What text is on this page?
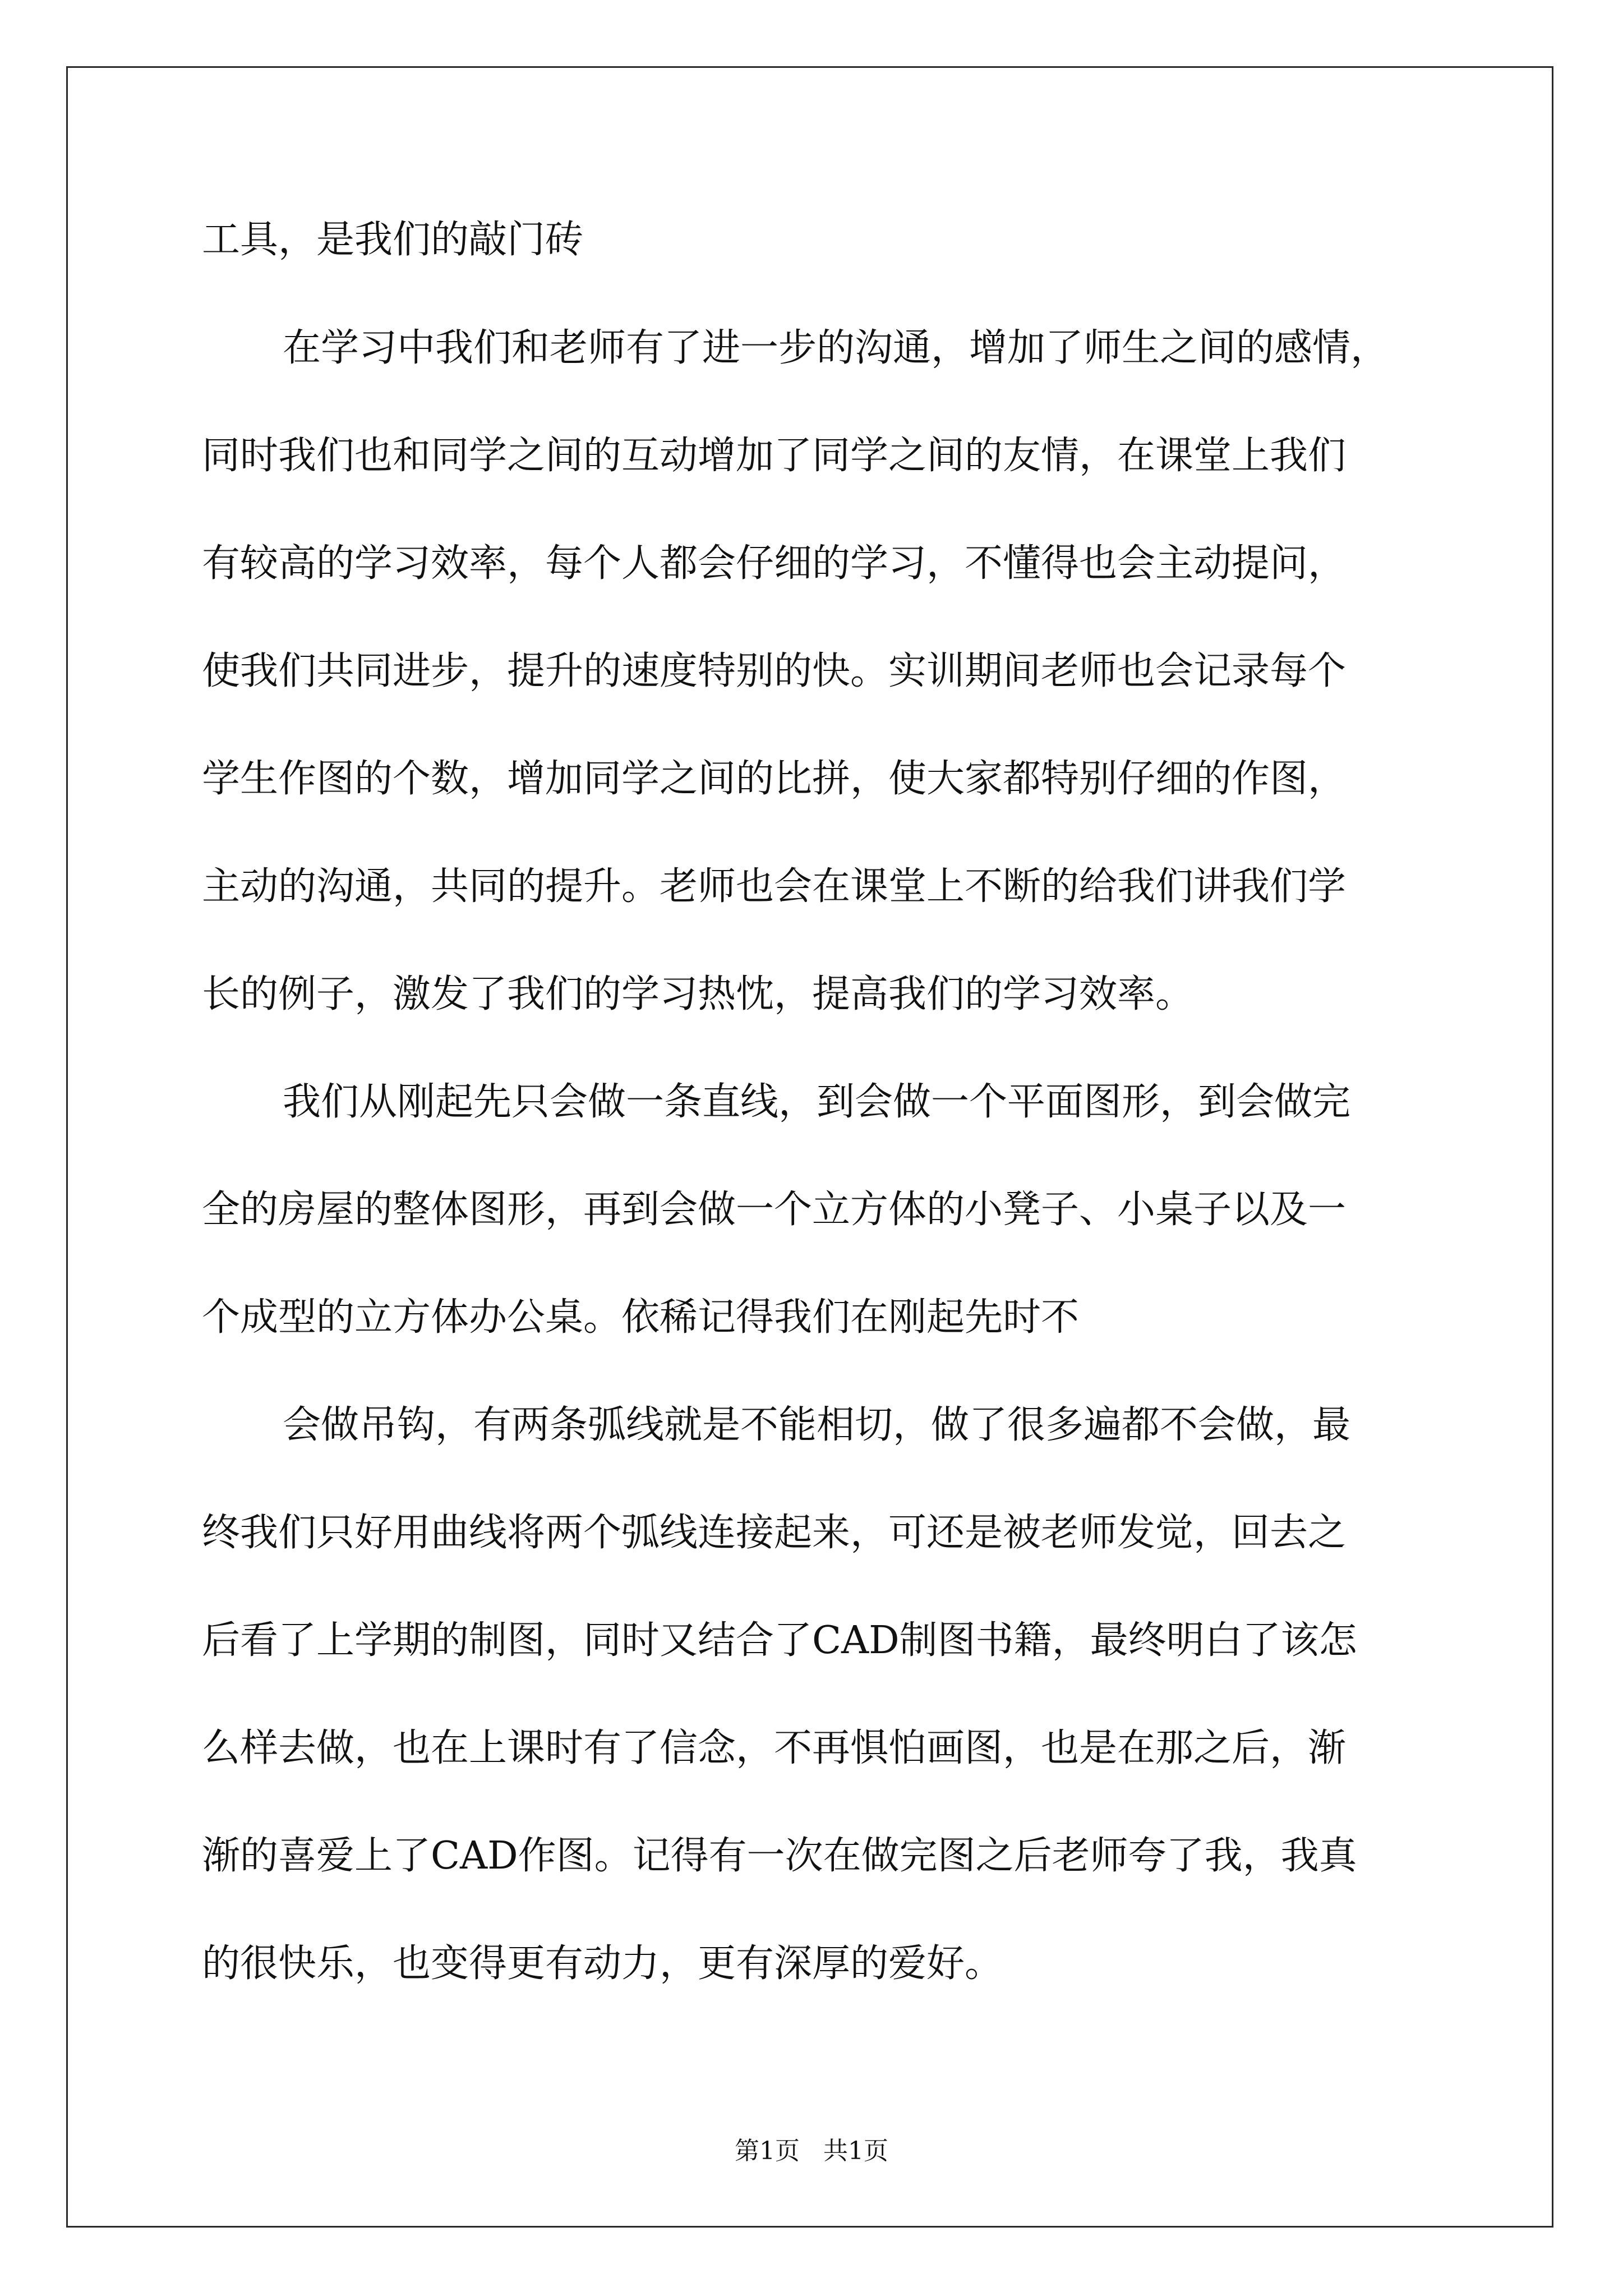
工具，是我们的敲门砖
在学习中我们和老师有了进一步的沟通，增加了师生之间的感情，
同时我们也和同学之间的互动增加了同学之间的友情，在课堂上我们
有较高的学习效率，每个人都会仔细的学习，不懂得也会主动提问，
使我们共同进步，提升的速度特别的快。实训期间老师也会记录每个
学生作图的个数，增加同学之间的比拼，使大家都特别仔细的作图，
主动的沟通，共同的提升。老师也会在课堂上不断的给我们讲我们学
长的例子，激发了我们的学习热忱，提高我们的学习效率。
我们从刚起先只会做一条直线，到会做一个平面图形，到会做完
全的房屋的整体图形，再到会做一个立方体的小凳子、小桌子以及一
个成型的立方体办公桌。依稀记得我们在刚起先时不
会做吊钩，有两条弧线就是不能相切，做了很多遍都不会做，最
终我们只好用曲线将两个弧线连接起来，可还是被老师发觉，回去之
后看了上学期的制图，同时又结合了CAD制图书籍，最终明白了该怎
么样去做，也在上课时有了信念，不再惧怕画图，也是在那之后，渐
渐的喜爱上了CAD作图。记得有一次在做完图之后老师夸了我，我真
的很快乐，也变得更有动力，更有深厚的爱好。
第1页   共1页
